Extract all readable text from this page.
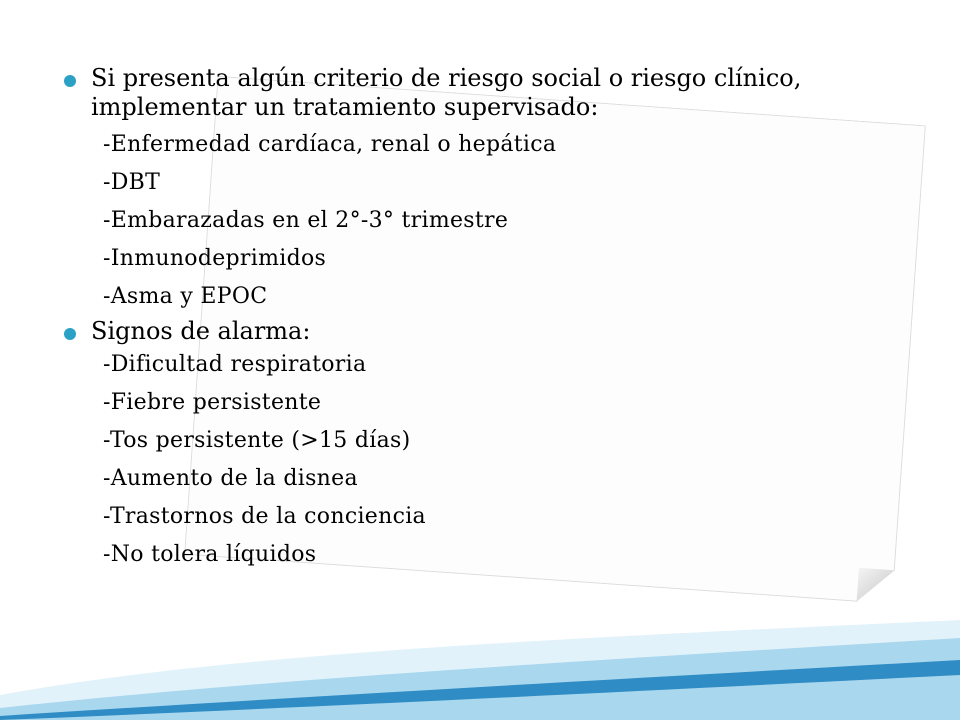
Si presenta algún criterio de riesgo social o riesgo clínico, implementar un tratamiento supervisado:
-Enfermedad cardíaca, renal o hepática
-DBT
-Embarazadas en el 2°-3° trimestre
-Inmunodeprimidos
-Asma y EPOC
Signos de alarma:
-Dificultad respiratoria
-Fiebre persistente
-Tos persistente (>15 días)
-Aumento de la disnea
-Trastornos de la conciencia
-No tolera líquidos
